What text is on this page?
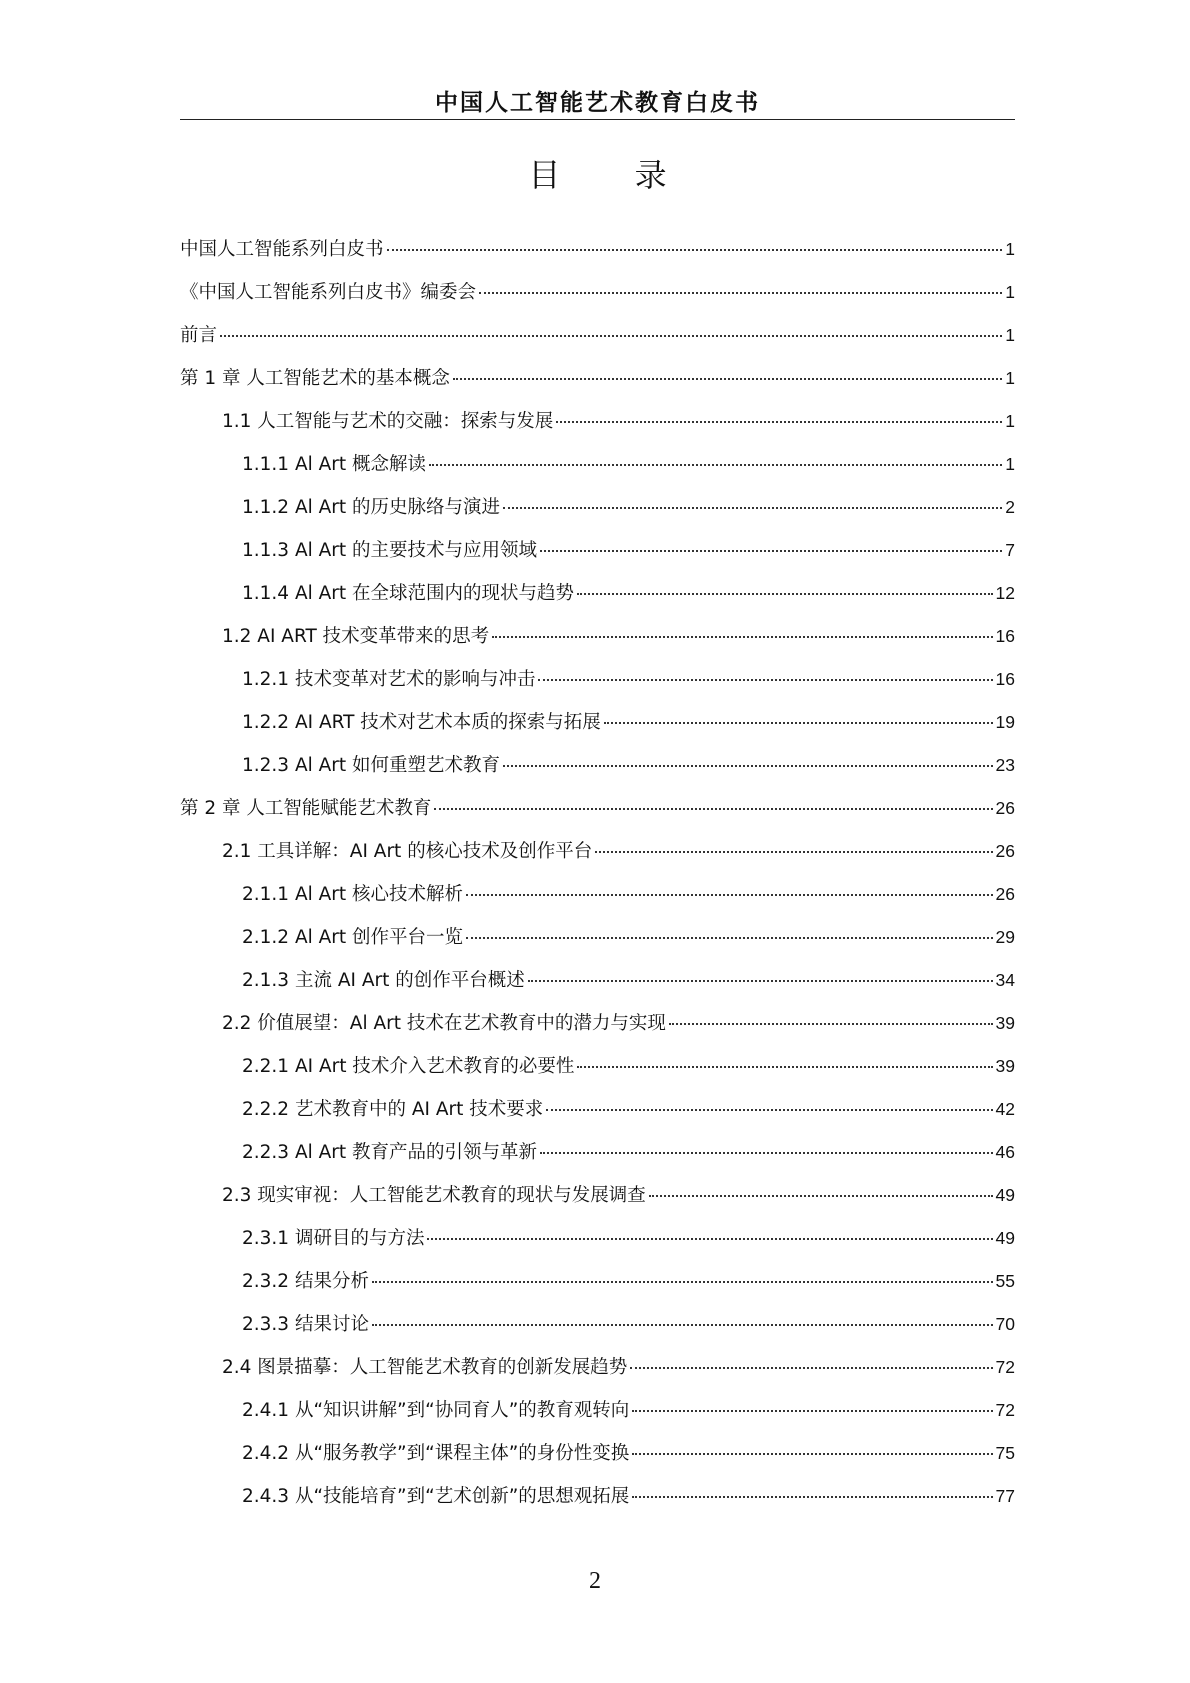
中国人工智能艺术教育白皮书
目 录
中国人工智能系列白皮书	1
《中国人工智能系列白皮书》编委会	1
前言	1
第 1 章 人工智能艺术的基本概念	1
1.1 人工智能与艺术的交融：探索与发展	1
1.1.1 Al Art 概念解读	1
1.1.2 Al Art 的历史脉络与演进	2
1.1.3 Al Art 的主要技术与应用领域	7
1.1.4 Al Art 在全球范围内的现状与趋势	12
1.2 AI ART 技术变革带来的思考	16
1.2.1 技术变革对艺术的影响与冲击	16
1.2.2 AI ART 技术对艺术本质的探索与拓展	19
1.2.3 Al Art 如何重塑艺术教育	23
第 2 章 人工智能赋能艺术教育	26
2.1 工具详解：AI Art 的核心技术及创作平台	26
2.1.1 Al Art 核心技术解析	26
2.1.2 Al Art 创作平台一览	29
2.1.3 主流 AI Art 的创作平台概述	34
2.2 价值展望：Al Art 技术在艺术教育中的潜力与实现	39
2.2.1 AI Art 技术介入艺术教育的必要性	39
2.2.2 艺术教育中的 AI Art 技术要求	42
2.2.3 Al Art 教育产品的引领与革新	46
2.3 现实审视：人工智能艺术教育的现状与发展调查	49
2.3.1 调研目的与方法	49
2.3.2 结果分析	55
2.3.3 结果讨论	70
2.4 图景描摹：人工智能艺术教育的创新发展趋势	72
2.4.1 从“知识讲解”到“协同育人”的教育观转向	72
2.4.2 从“服务教学”到“课程主体”的身份性变换	75
2.4.3 从“技能培育”到“艺术创新”的思想观拓展	77
2
